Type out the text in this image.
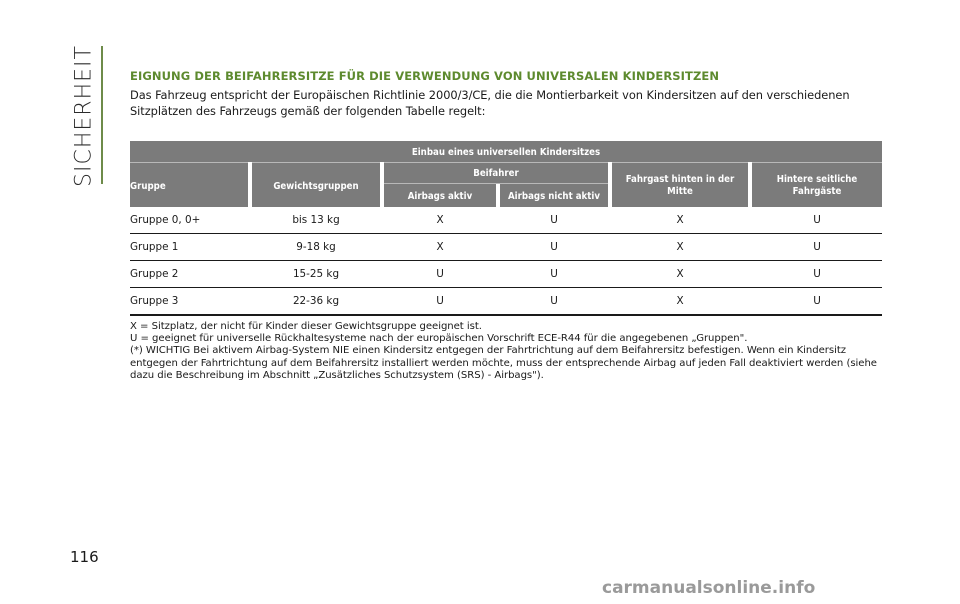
SICHERHEIT	EIGNUNG DER BEIFAHRERSITZE FÜR DIE VERWENDUNG VON UNIVERSALEN KINDERSITZEN

Das Fahrzeug entspricht der Europäischen Richtlinie 2000/3/CE, die die Montierbarkeit von Kindersitzen auf den verschiedenen
Sitzplätzen des Fahrzeugs gemäß der folgenden Tabelle regelt:

Einbau eines universellen Kindersitzes
Gruppe	Gewichtsgruppen
Beifahrer
Airbags aktiv	Airbags nicht aktiv
Fahrgast hinten in der Mitte
Hintere seitliche Fahrgäste
Gruppe 0, 0+	bis 13 kg	X	U	X	U
Gruppe 1	9-18 kg	X	U	X	U
Gruppe 2	15-25 kg	U	U	X	U
Gruppe 3	22-36 kg	U	U	X	U

X = Sitzplatz, der nicht für Kinder dieser Gewichtsgruppe geeignet ist.

U = geeignet für universelle Rückhaltesysteme nach der europäischen Vorschrift ECE-R44 für die angegebenen „Gruppen".

(*) WICHTIG Bei aktivem Airbag-System NIE einen Kindersitz entgegen der Fahrtrichtung auf dem Beifahrersitz befestigen. Wenn ein Kindersitz

entgegen der Fahrtrichtung auf dem Beifahrersitz installiert werden möchte, muss der entsprechende Airbag auf jeden Fall deaktiviert werden (siehe

dazu die Beschreibung im Abschnitt „Zusätzliches Schutzsystem (SRS) - Airbags").

116
carmanualsonline.info
